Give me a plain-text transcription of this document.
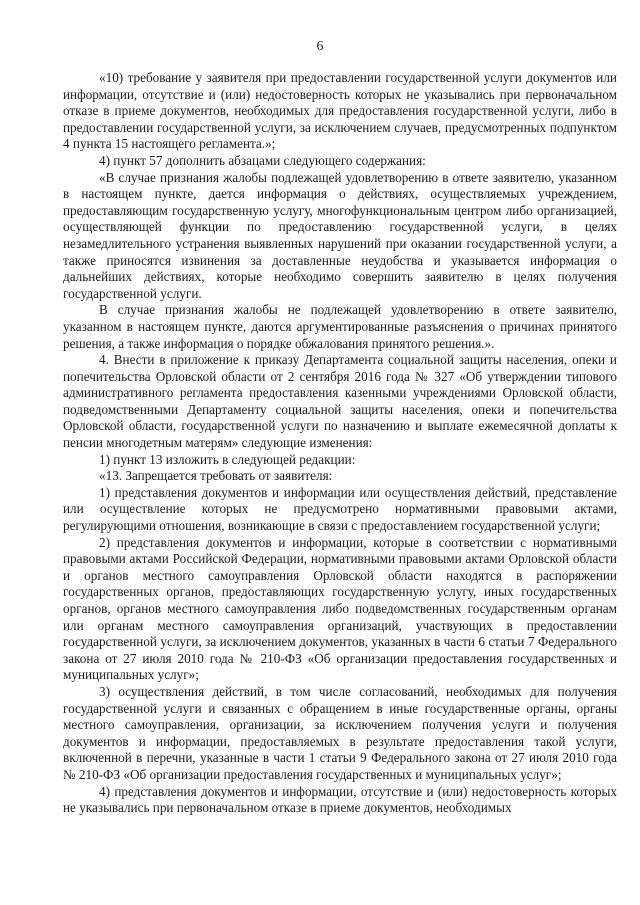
6

«10) требование у заявителя при предоставлении государственной услуги документов или информации, отсутствие и (или) недостоверность которых не указывались при первоначальном отказе в приеме документов, необходимых для предоставления государственной услуги, либо в предоставлении государственной услуги, за исключением случаев, предусмотренных подпунктом 4 пункта 15 настоящего регламента.»;

4) пункт 57 дополнить абзацами следующего содержания:

«В случае признания жалобы подлежащей удовлетворению в ответе заявителю, указанном в настоящем пункте, дается информация о действиях, осуществляемых учреждением, предоставляющим государственную услугу, многофункциональным центром либо организацией, осуществляющей функции по предоставлению государственной услуги, в целях незамедлительного устранения выявленных нарушений при оказании государственной услуги, а также приносятся извинения за доставленные неудобства и указывается информация о дальнейших действиях, которые необходимо совершить заявителю в целях получения государственной услуги.

В случае признания жалобы не подлежащей удовлетворению в ответе заявителю, указанном в настоящем пункте, даются аргументированные разъяснения о причинах принятого решения, а также информация о порядке обжалования принятого решения.».

4. Внести в приложение к приказу Департамента социальной защиты населения, опеки и попечительства Орловской области от 2 сентября 2016 года № 327 «Об утверждении типового административного регламента предоставления казенными учреждениями Орловской области, подведомственными Департаменту социальной защиты населения, опеки и попечительства Орловской области, государственной услуги по назначению и выплате ежемесячной доплаты к пенсии многодетным матерям» следующие изменения:

1) пункт 13 изложить в следующей редакции:

«13. Запрещается требовать от заявителя:

1) представления документов и информации или осуществления действий, представление или осуществление которых не предусмотрено нормативными правовыми актами, регулирующими отношения, возникающие в связи с предоставлением государственной услуги;

2) представления документов и информации, которые в соответствии с нормативными правовыми актами Российской Федерации, нормативными правовыми актами Орловской области и органов местного самоуправления Орловской области находятся в распоряжении государственных органов, предоставляющих государственную услугу, иных государственных органов, органов местного самоуправления либо подведомственных государственным органам или органам местного самоуправления организаций, участвующих в предоставлении государственной услуги, за исключением документов, указанных в части 6 статьи 7 Федерального закона от 27 июля 2010 года № 210-ФЗ «Об организации предоставления государственных и муниципальных услуг»;

3) осуществления действий, в том числе согласований, необходимых для получения государственной услуги и связанных с обращением в иные государственные органы, органы местного самоуправления, организации, за исключением получения услуги и получения документов и информации, предоставляемых в результате предоставления такой услуги, включенной в перечни, указанные в части 1 статьи 9 Федерального закона от 27 июля 2010 года № 210-ФЗ «Об организации предоставления государственных и муниципальных услуг»;

4) представления документов и информации, отсутствие и (или) недостоверность которых не указывались при первоначальном отказе в приеме документов, необходимых
